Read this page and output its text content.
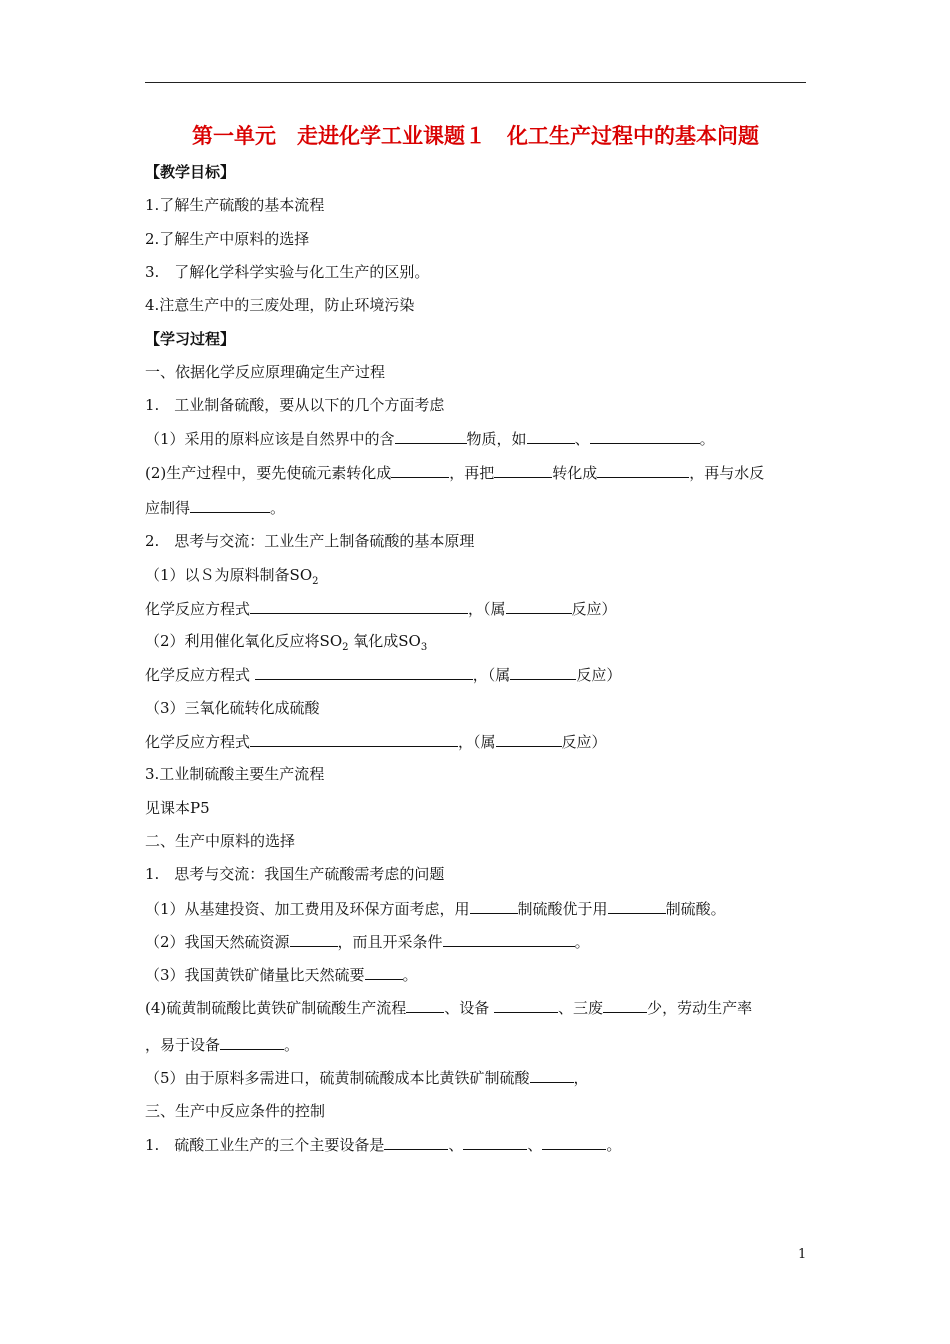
第一单元　走进化学工业课题１　化工生产过程中的基本问题
【教学目标】
1.了解生产硫酸的基本流程
2.了解生产中原料的选择
3.　了解化学科学实验与化工生产的区别。
4.注意生产中的三废处理，防止环境污染
【学习过程】
一、依据化学反应原理确定生产过程
1.　工业制备硫酸，要从以下的几个方面考虑
（1）采用的原料应该是自然界中的含	物质，如	、	。
(2)生产过程中，要先使硫元素转化成	，再把	转化成	，再与水反
应制得	。
2.　思考与交流：工业生产上制备硫酸的基本原理
（1）以Ｓ为原料制备$SO_2$
化学反应方程式	，（属	反应）
（2）利用催化氧化反应将$SO_2$ 氧化成$SO_3$
化学反应方程式	，（属	反应）
（3）三氧化硫转化成硫酸
化学反应方程式	，（属	反应）
3.工业制硫酸主要生产流程
见课本P5
二、生产中原料的选择
1.　思考与交流：我国生产硫酸需考虑的问题
（1）从基建投资、加工费用及环保方面考虑，用	制硫酸优于用	制硫酸。
（2）我国天然硫资源	，而且开采条件	。
（3）我国黄铁矿储量比天然硫要	。
(4)硫黄制硫酸比黄铁矿制硫酸生产流程	、设备	、三废	少，劳动生产率
，易于设备	。
（5）由于原料多需进口，硫黄制硫酸成本比黄铁矿制硫酸	，
三、生产中反应条件的控制
1.　硫酸工业生产的三个主要设备是	、	、	。
1
